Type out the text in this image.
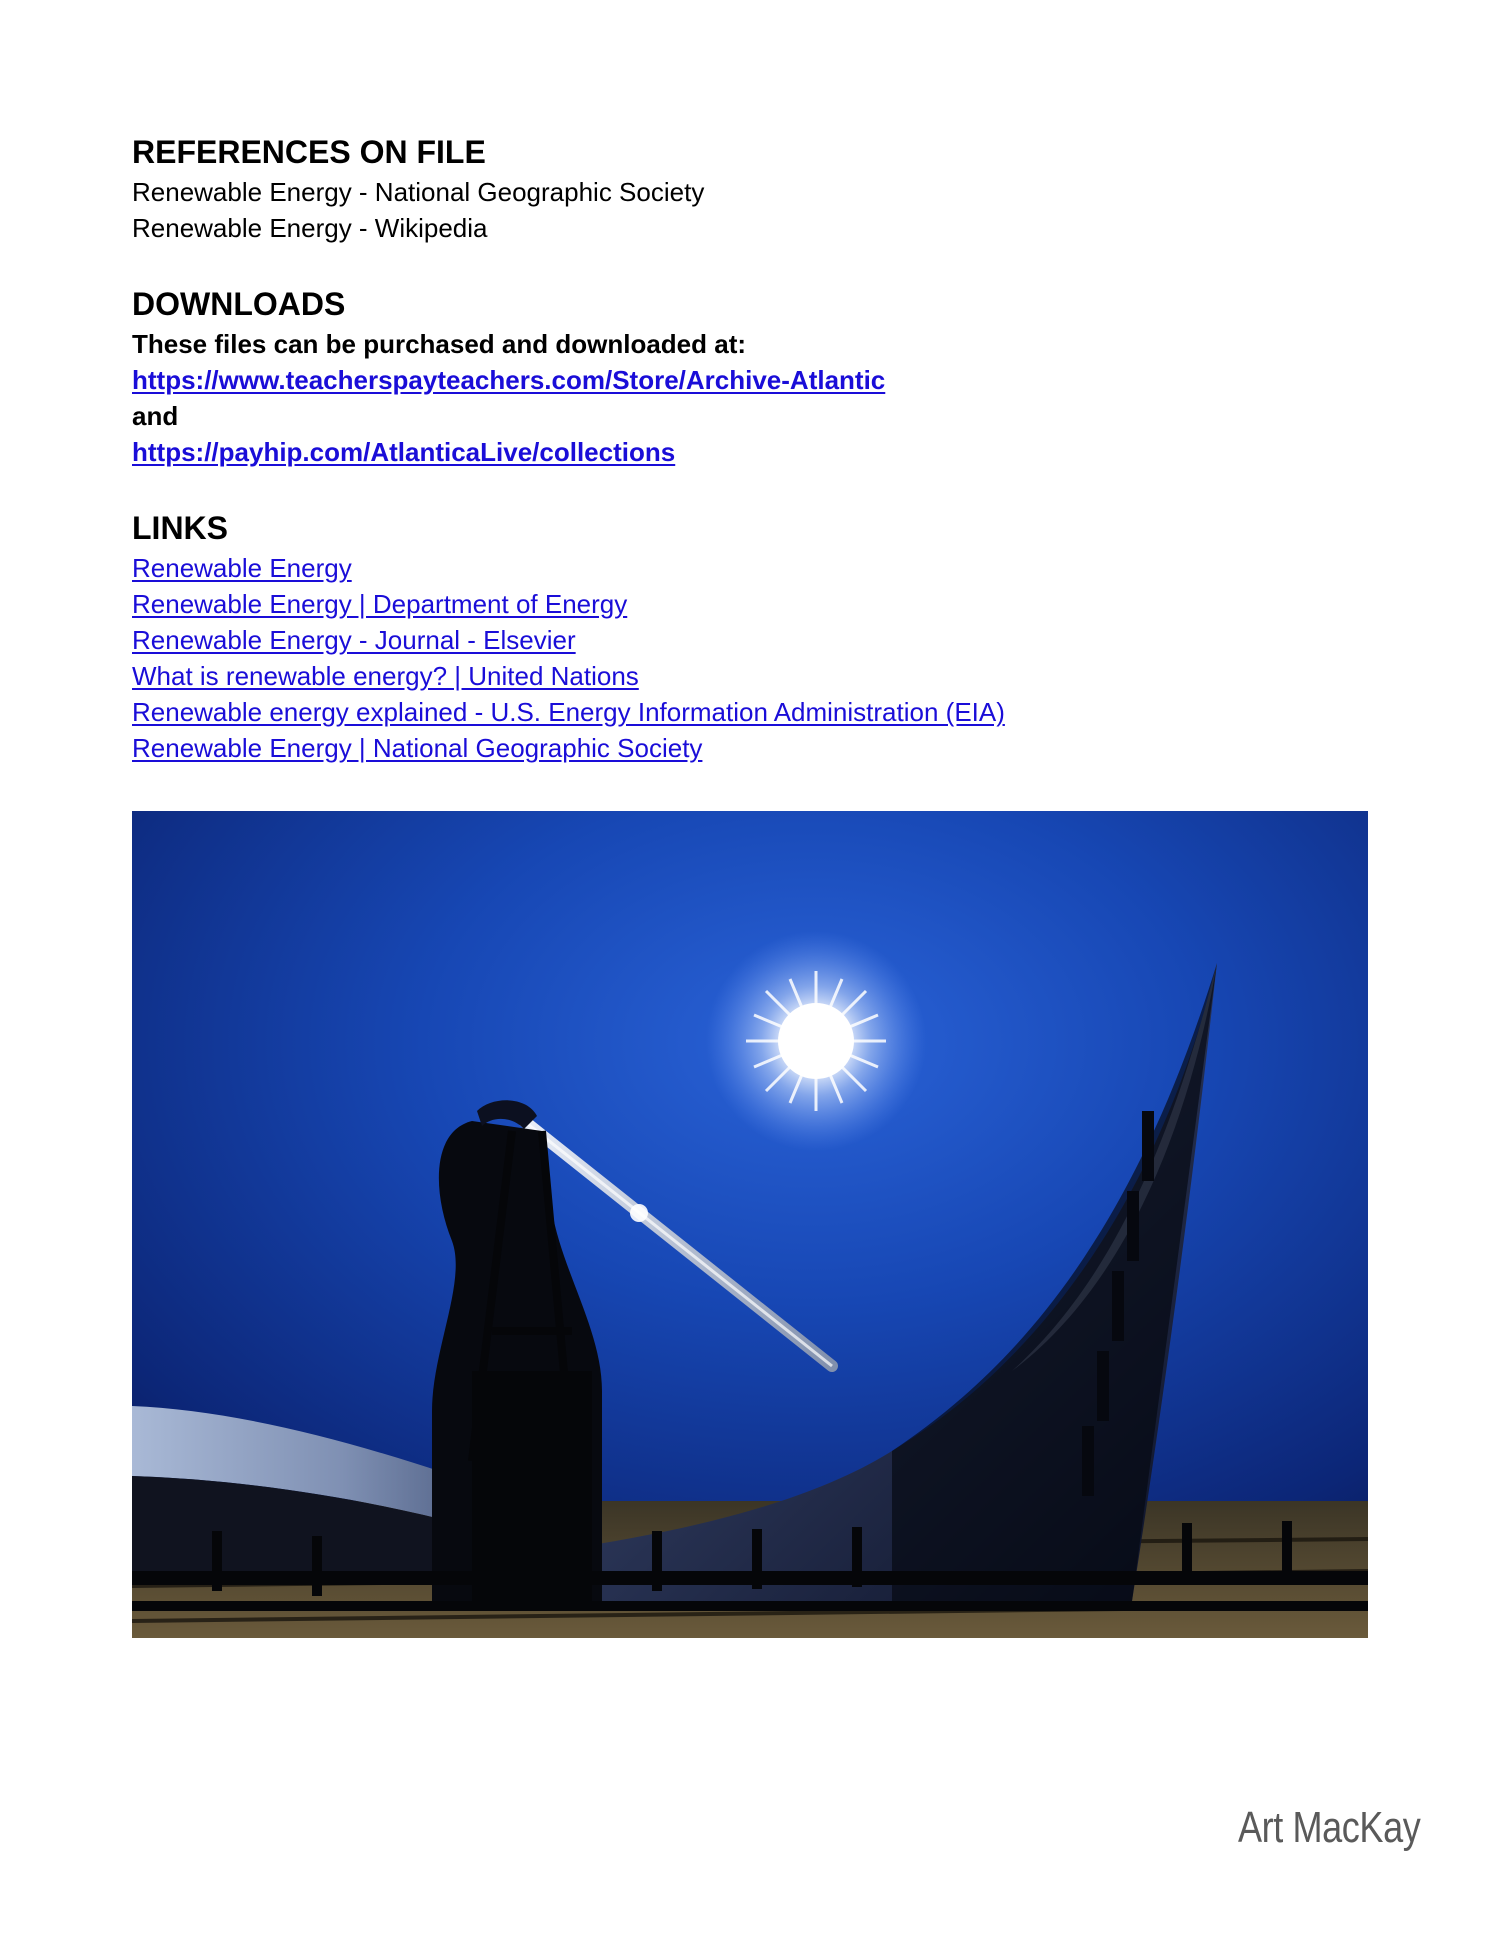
REFERENCES ON FILE
Renewable Energy - National Geographic Society
Renewable Energy - Wikipedia
DOWNLOADS
These files can be purchased and downloaded at:
https://www.teacherspayteachers.com/Store/Archive-Atlantic
and
https://payhip.com/AtlanticaLive/collections
LINKS
Renewable Energy
Renewable Energy | Department of Energy
Renewable Energy - Journal - Elsevier
What is renewable energy? | United Nations
Renewable energy explained - U.S. Energy Information Administration (EIA)
Renewable Energy | National Geographic Society
Art MacKay
